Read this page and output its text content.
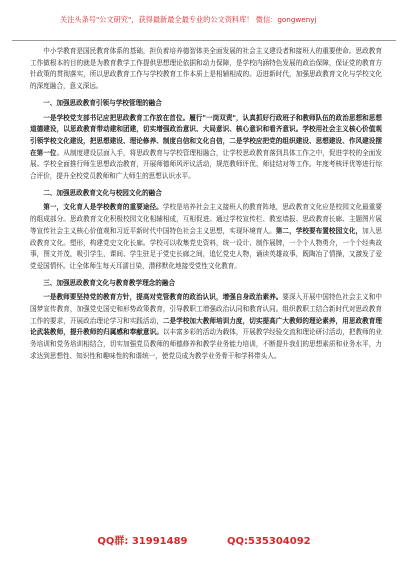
关注头条号"公文研究"，获得最新最全最专业的公文资料库！ 微信：gongwenyj

中小学教育是国民教育体系的基础，担负着培养德智体美全面发展的社会主义建设者和接班人的重要使命。思政教育工作做根本的目的就是为教育教学工作提供思想理论依据和动力保障，是学校内涵特色发展的政治保障，保证党的教育方针政策的贯彻落实，所以思政教育工作与学校教育工作本质上是相辅相成的。迈进新时代，加强思政教育文化与学校文化的深度融合，意义深远。

一、加强思政教育引领与学校管理的融合

一是学校党支部书记应把思政教育工作放在首位。履行"一岗双责"，认真抓好行政班子和教师队伍的政治思想和思想道德建设，以思政教育带动建和团建，切实增强政治意识、大局意识、核心意识和看齐意识。学校用社会主义核心价值观引领学校文化建设，把思想建设、理论修养、制度自信和文化自信，二是学校应把党的组织建设、思想建设、作风建设摆在第一位。从制度建设层面入手，将思政教育与学校管理相融合，让学校思政教育落到具体工作之中，促进学校的全面发展。学校全面推行师生思想政治教育，开展师德师风评议活动，规范教师评优、师徒结对等工作。年度考核评优等进行综合评价，提升全校党员教师和广大师生的思想认识水平。

二、加强思政教育文化与校园文化的融合

第一，文化育人是学校教育的重要途径。学校是培养社会主义接班人的教育阵地，思政教育文化应是校园文化最重要的组成部分。思政教育文化积极校园文化相辅相成，互相促进。通过学校宣传栏、教室墙报、思政教育长廊、主题图片展等宣传社会主义核心价值观和习近平新时代中国特色社会主义思想，实现环境育人。第二，学校要布置校园文化，加入思政教育文化。塑形，构建党史文化长廊。学校可以收集党史资料，统一设计、制作展牌，一个个人物勇介，一个个经典故事，图文并茂，吸引学生，课间、学生驻足于党史长廊之间，追忆党史人物，诵读英雄故事，既陶冶了情操，又激发了爱党爱国情怀。让全体师生每天耳濡目染，潜移默化地接受党性文化教育。

三、加强思政教育文化与教育教学理念的融合

一是教师要坚持党的教育方针，提高对党管教育的政治认识，增强自身政治素养。要深入开展中国特色社会主义和中国梦宣传教育，加强党史国史和形势政策教育，引导教职工增强政治认同和教育认同。组织教职工结合新时代对思政教育工作的要求，开展政治理论学习和实践活动，二是学校加大教师培训力度，切实提高广大教师的理论素养，用思政教育理论武装教师，提升教师的归属感和奉献意识。以丰富多彩的活动为载体，开展教学经验交流和理论研讨活动，把教师的业务培训和党务培训相结合，切实加强党员教师的师德修养和教学业务能力培训，不断提升我们的思想素质和业务水平，力求达到思想性、知识性和趣味性的和谐统一，使党员成为教学业务骨干和学科带头人。

QQ群: 31991489	QQ:535304092
